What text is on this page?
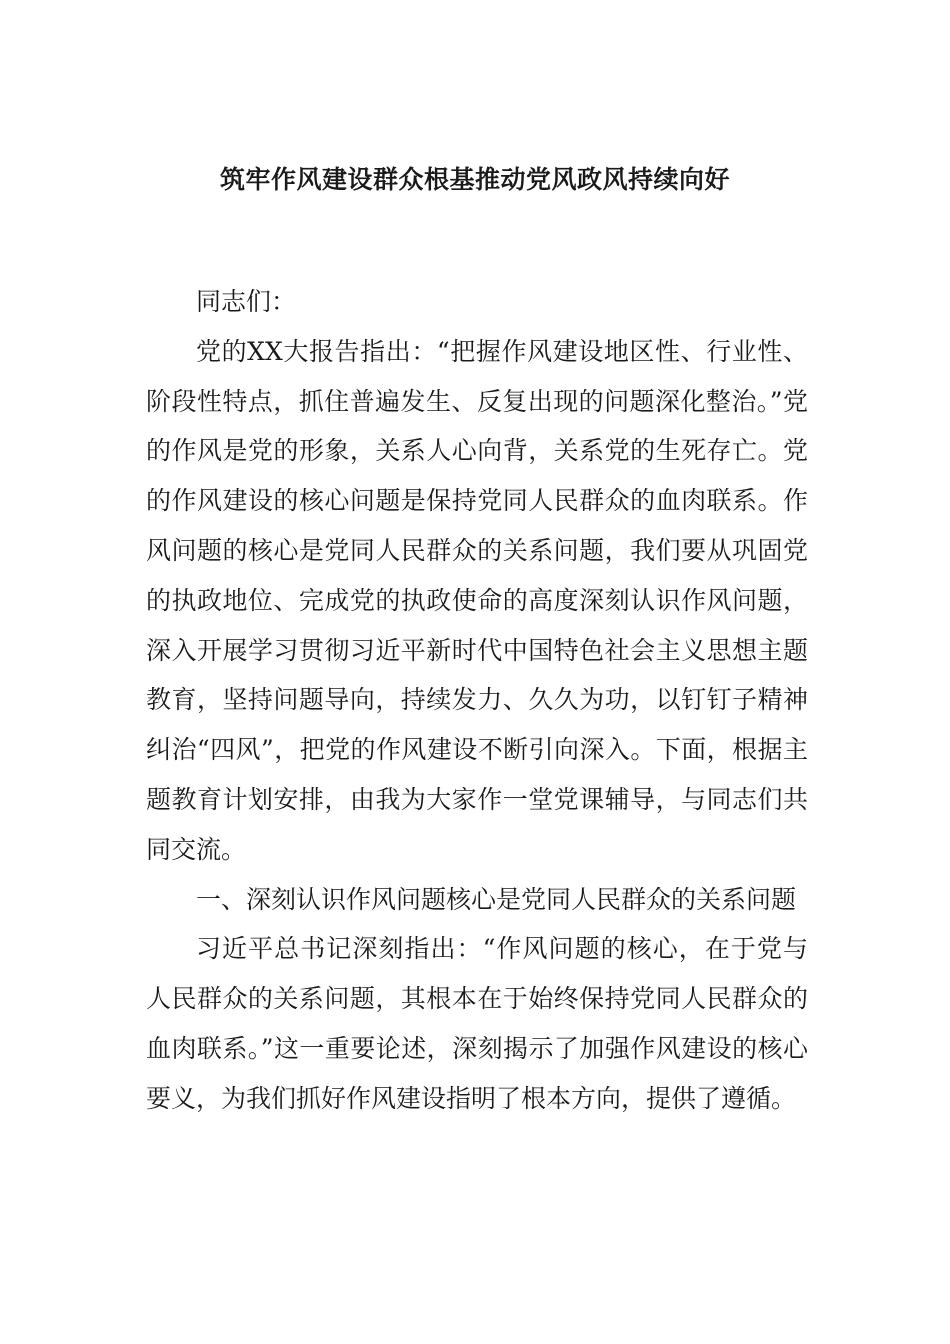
筑牢作风建设群众根基推动党风政风持续向好

同志们：

党的XX大报告指出：“把握作风建设地区性、行业性、阶段性特点，抓住普遍发生、反复出现的问题深化整治。”党的作风是党的形象，关系人心向背，关系党的生死存亡。党的作风建设的核心问题是保持党同人民群众的血肉联系。作风问题的核心是党同人民群众的关系问题，我们要从巩固党的执政地位、完成党的执政使命的高度深刻认识作风问题，深入开展学习贯彻习近平新时代中国特色社会主义思想主题教育，坚持问题导向，持续发力、久久为功，以钉钉子精神纠治“四风”，把党的作风建设不断引向深入。下面，根据主题教育计划安排，由我为大家作一堂党课辅导，与同志们共同交流。

一、深刻认识作风问题核心是党同人民群众的关系问题

习近平总书记深刻指出：“作风问题的核心，在于党与人民群众的关系问题，其根本在于始终保持党同人民群众的血肉联系。”这一重要论述，深刻揭示了加强作风建设的核心要义，为我们抓好作风建设指明了根本方向，提供了遵循。
